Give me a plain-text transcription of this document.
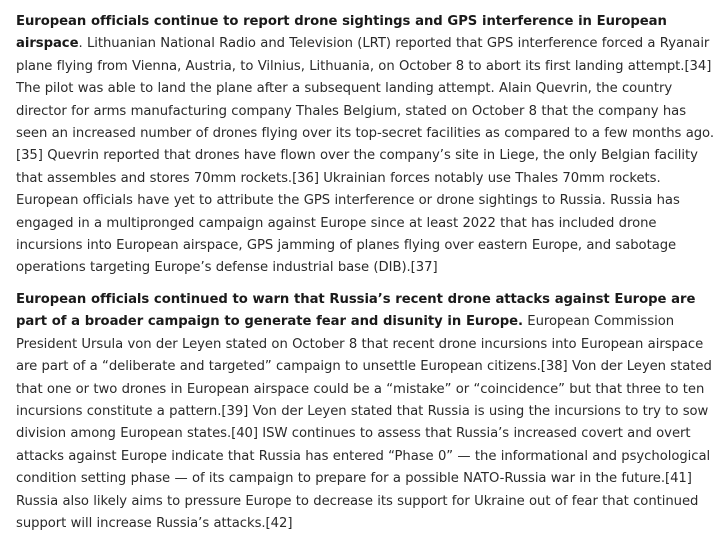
European officials continue to report drone sightings and GPS interference in European airspace. Lithuanian National Radio and Television (LRT) reported that GPS interference forced a Ryanair plane flying from Vienna, Austria, to Vilnius, Lithuania, on October 8 to abort its first landing attempt.[34] The pilot was able to land the plane after a subsequent landing attempt. Alain Quevrin, the country director for arms manufacturing company Thales Belgium, stated on October 8 that the company has seen an increased number of drones flying over its top-secret facilities as compared to a few months ago.[35] Quevrin reported that drones have flown over the company’s site in Liege, the only Belgian facility that assembles and stores 70mm rockets.[36] Ukrainian forces notably use Thales 70mm rockets. European officials have yet to attribute the GPS interference or drone sightings to Russia. Russia has engaged in a multipronged campaign against Europe since at least 2022 that has included drone incursions into European airspace, GPS jamming of planes flying over eastern Europe, and sabotage operations targeting Europe’s defense industrial base (DIB).[37]

European officials continued to warn that Russia’s recent drone attacks against Europe are part of a broader campaign to generate fear and disunity in Europe. European Commission President Ursula von der Leyen stated on October 8 that recent drone incursions into European airspace are part of a “deliberate and targeted” campaign to unsettle European citizens.[38] Von der Leyen stated that one or two drones in European airspace could be a “mistake” or “coincidence” but that three to ten incursions constitute a pattern.[39] Von der Leyen stated that Russia is using the incursions to try to sow division among European states.[40] ISW continues to assess that Russia’s increased covert and overt attacks against Europe indicate that Russia has entered “Phase 0” — the informational and psychological condition setting phase — of its campaign to prepare for a possible NATO-Russia war in the future.[41] Russia also likely aims to pressure Europe to decrease its support for Ukraine out of fear that continued support will increase Russia’s attacks.[42]
